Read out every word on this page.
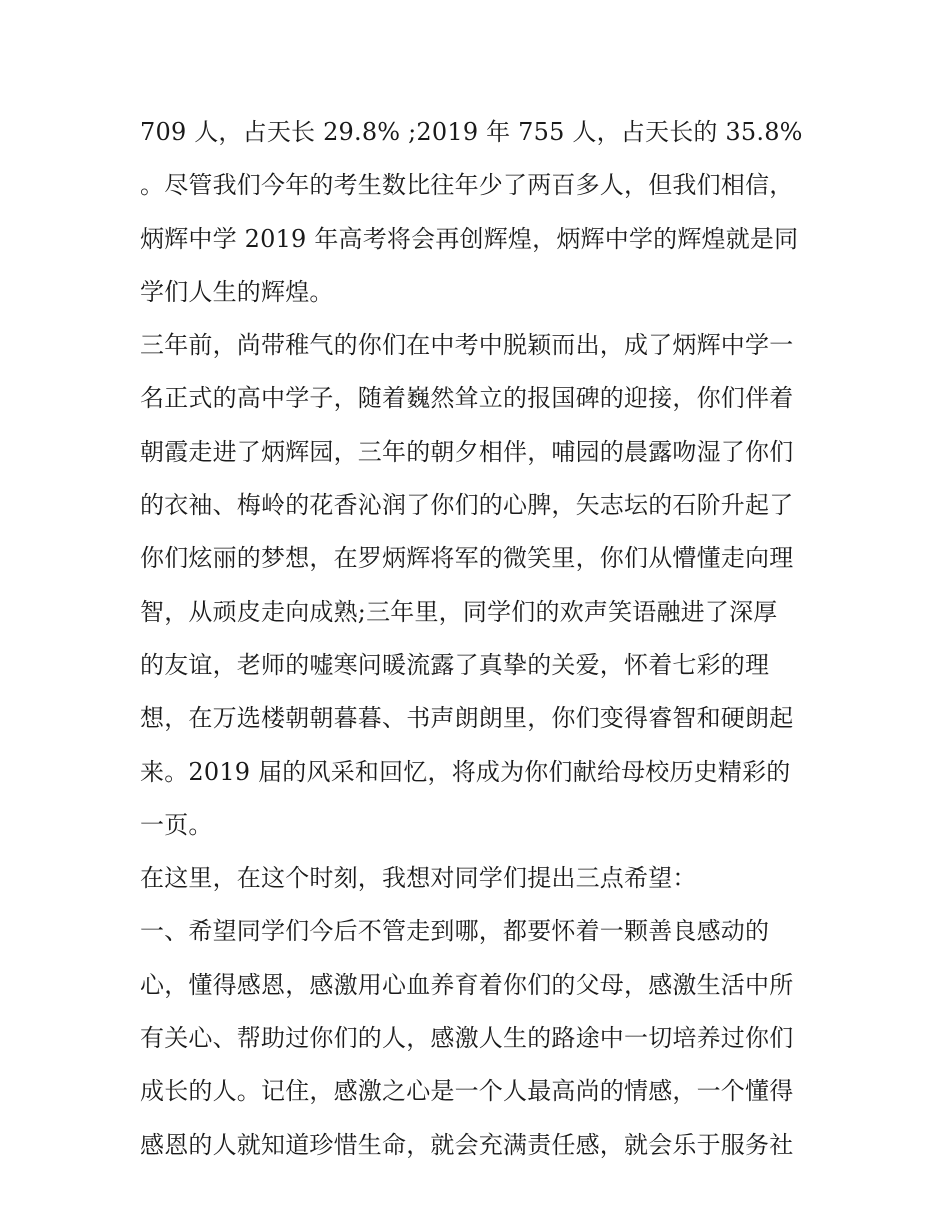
709 人，占天长 29.8% ;2019 年 755 人，占天长的 35.8%
。尽管我们今年的考生数比往年少了两百多人，但我们相信，
炳辉中学 2019 年高考将会再创辉煌，炳辉中学的辉煌就是同
学们人生的辉煌。
三年前，尚带稚气的你们在中考中脱颖而出，成了炳辉中学一
名正式的高中学子，随着巍然耸立的报国碑的迎接，你们伴着
朝霞走进了炳辉园，三年的朝夕相伴，哺园的晨露吻湿了你们
的衣袖、梅岭的花香沁润了你们的心脾，矢志坛的石阶升起了
你们炫丽的梦想，在罗炳辉将军的微笑里，你们从懵懂走向理
智，从顽皮走向成熟;三年里，同学们的欢声笑语融进了深厚
的友谊，老师的嘘寒问暖流露了真挚的关爱，怀着七彩的理
想，在万选楼朝朝暮暮、书声朗朗里，你们变得睿智和硬朗起
来。2019 届的风采和回忆，将成为你们献给母校历史精彩的
一页。
在这里，在这个时刻，我想对同学们提出三点希望：
一、希望同学们今后不管走到哪，都要怀着一颗善良感动的
心，懂得感恩，感激用心血养育着你们的父母，感激生活中所
有关心、帮助过你们的人，感激人生的路途中一切培养过你们
成长的人。记住，感激之心是一个人最高尚的情感，一个懂得
感恩的人就知道珍惜生命，就会充满责任感，就会乐于服务社
